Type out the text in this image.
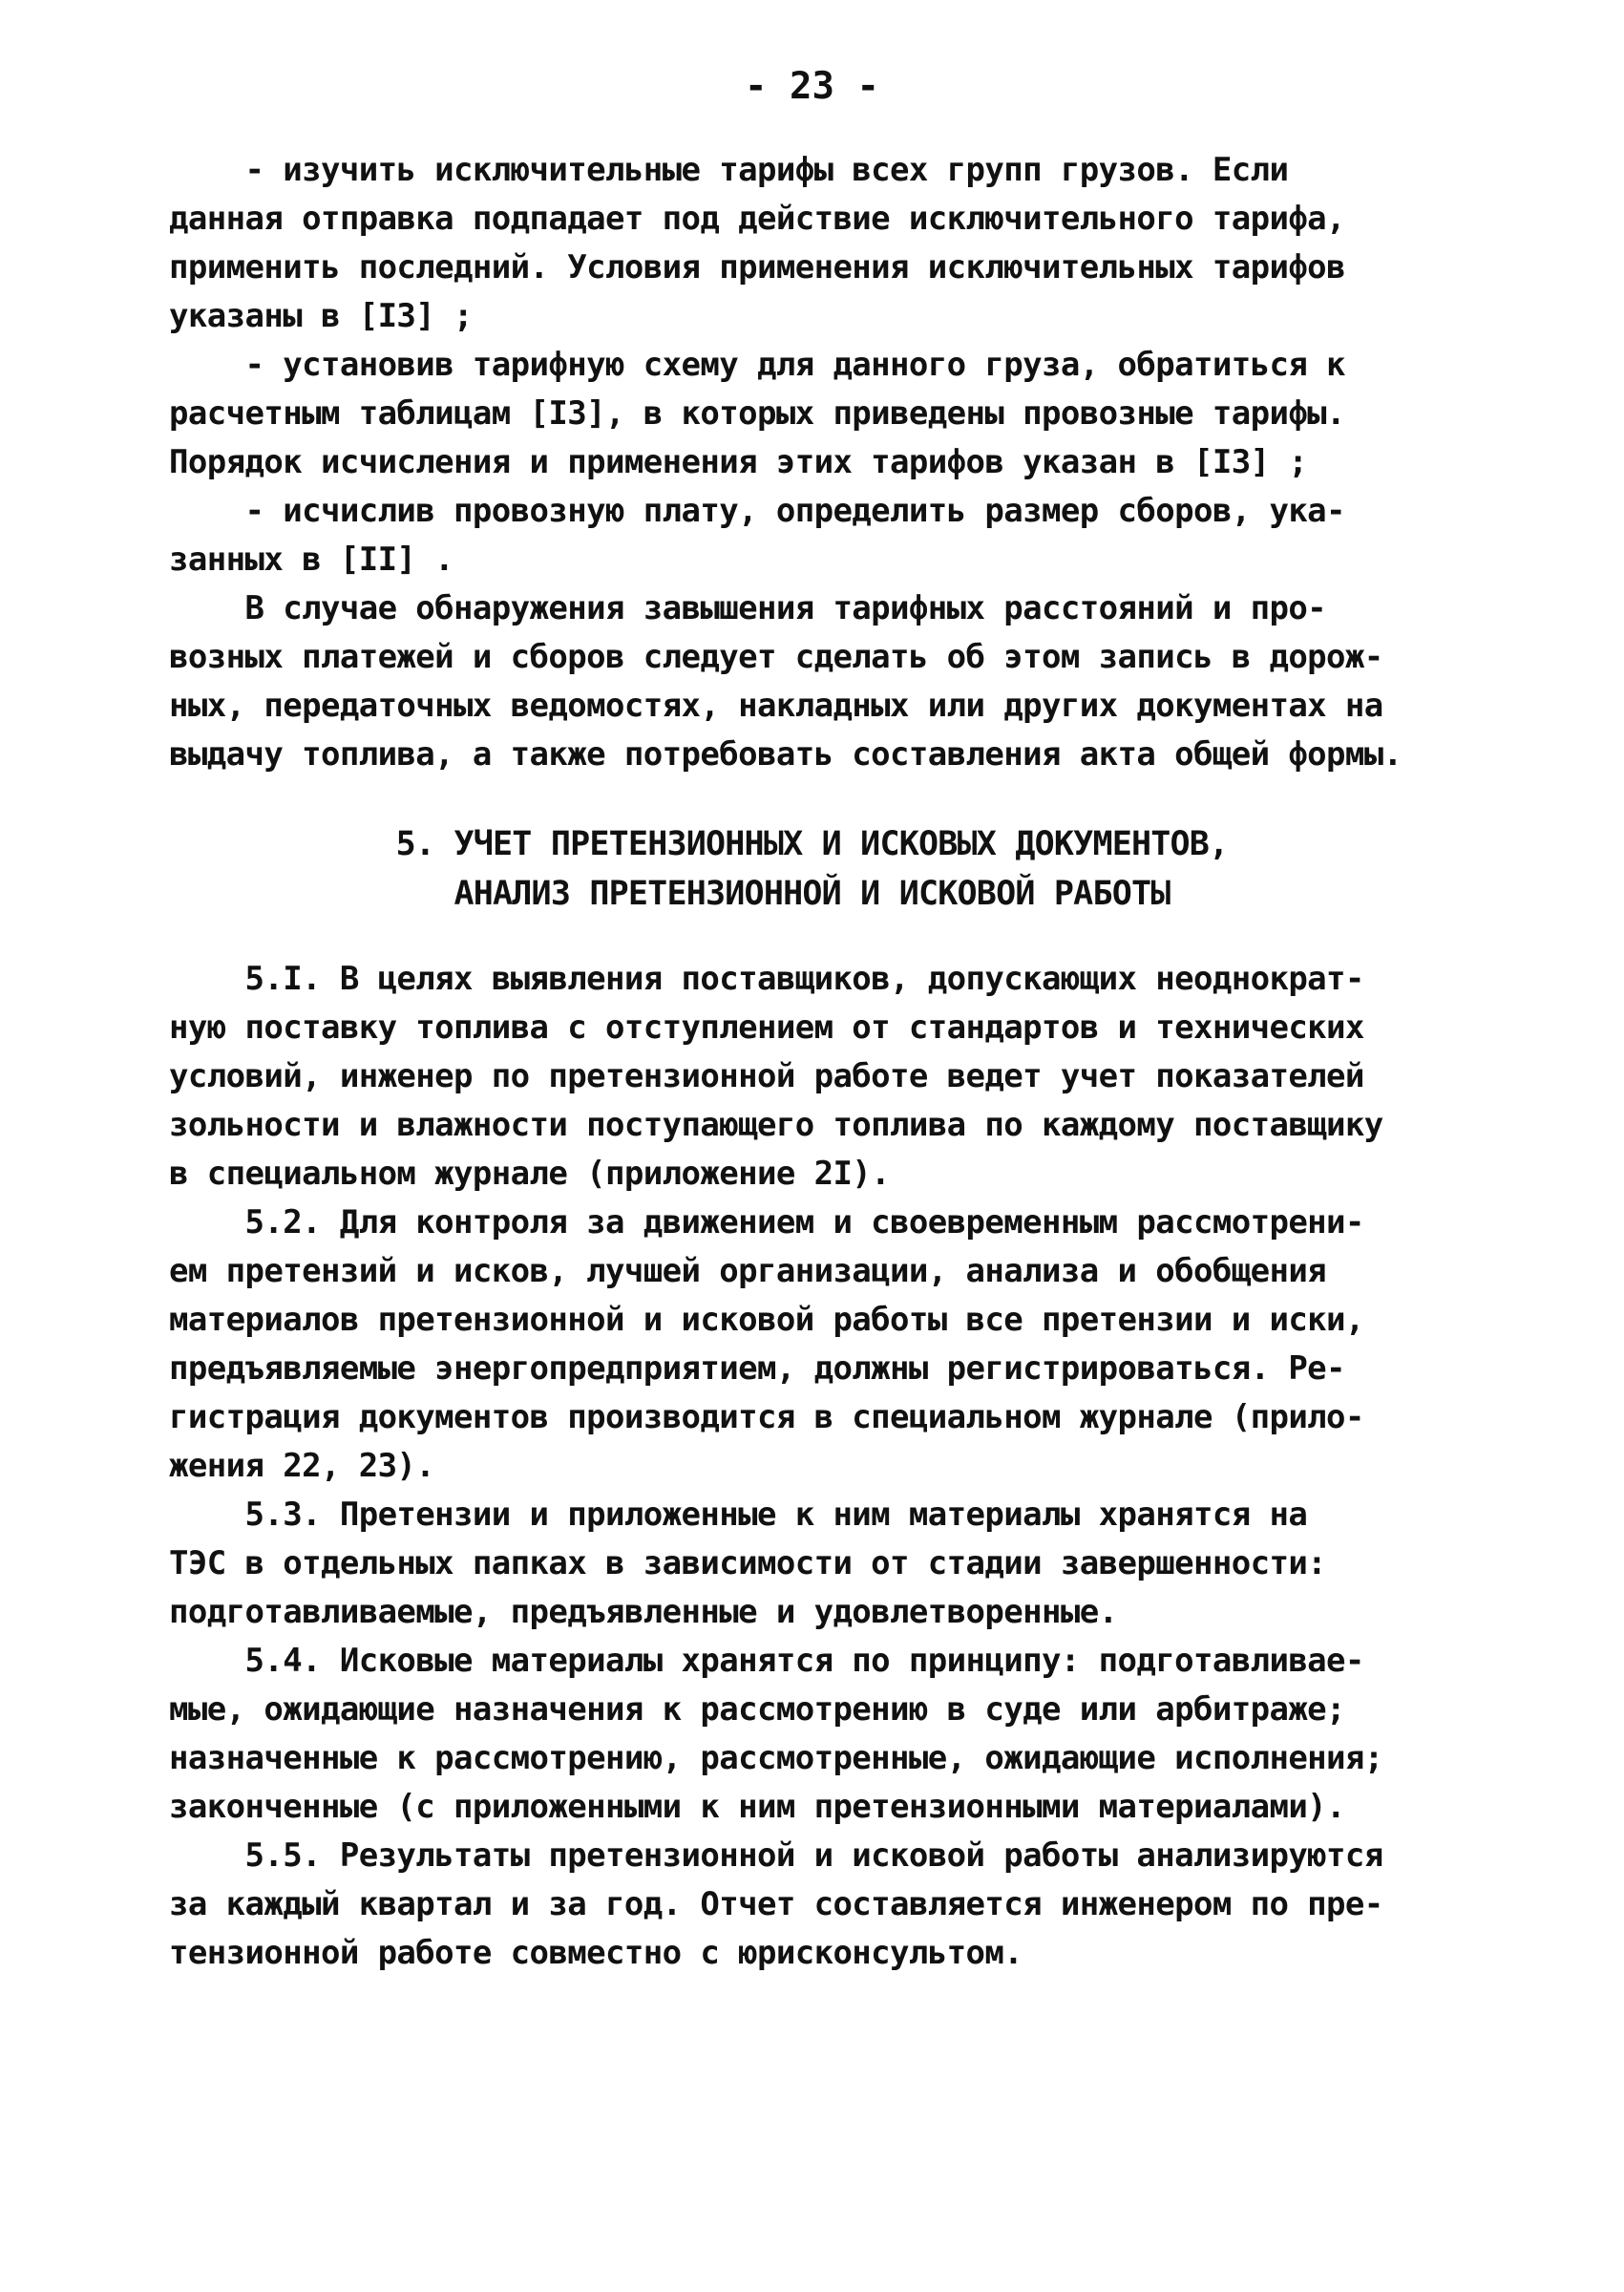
- 23 -
- изучить исключительные тарифы всех групп грузов. Если
данная отправка подпадает под действие исключительного тарифа,
применить последний. Условия применения исключительных тарифов
указаны в [I3] ;
- установив тарифную схему для данного груза, обратиться к
расчетным таблицам [I3], в которых приведены провозные тарифы.
Порядок исчисления и применения этих тарифов указан в [I3] ;
- исчислив провозную плату, определить размер сборов, ука-
занных в [II] .
В случае обнаружения завышения тарифных расстояний и про-
возных платежей и сборов следует сделать об этом запись в дорож-
ных, передаточных ведомостях, накладных или других документах на
выдачу топлива, а также потребовать составления акта общей формы.
5. УЧЕТ ПРЕТЕНЗИОННЫХ И ИСКОВЫХ ДОКУМЕНТОВ,
АНАЛИЗ ПРЕТЕНЗИОННОЙ И ИСКОВОЙ РАБОТЫ
5.I. В целях выявления поставщиков, допускающих неоднократ-
ную поставку топлива с отступлением от стандартов и технических
условий, инженер по претензионной работе ведет учет показателей
зольности и влажности поступающего топлива по каждому поставщику
в специальном журнале (приложение 2I).
5.2. Для контроля за движением и своевременным рассмотрени-
ем претензий и исков, лучшей организации, анализа и обобщения
материалов претензионной и исковой работы все претензии и иски,
предъявляемые энергопредприятием, должны регистрироваться. Ре-
гистрация документов производится в специальном журнале (прило-
жения 22, 23).
5.3. Претензии и приложенные к ним материалы хранятся на
ТЭС в отдельных папках в зависимости от стадии завершенности:
подготавливаемые, предъявленные и удовлетворенные.
5.4. Исковые материалы хранятся по принципу: подготавливае-
мые, ожидающие назначения к рассмотрению в суде или арбитраже;
назначенные к рассмотрению, рассмотренные, ожидающие исполнения;
законченные (с приложенными к ним претензионными материалами).
5.5. Результаты претензионной и исковой работы анализируются
за каждый квартал и за год. Отчет составляется инженером по пре-
тензионной работе совместно с юрисконсультом.
